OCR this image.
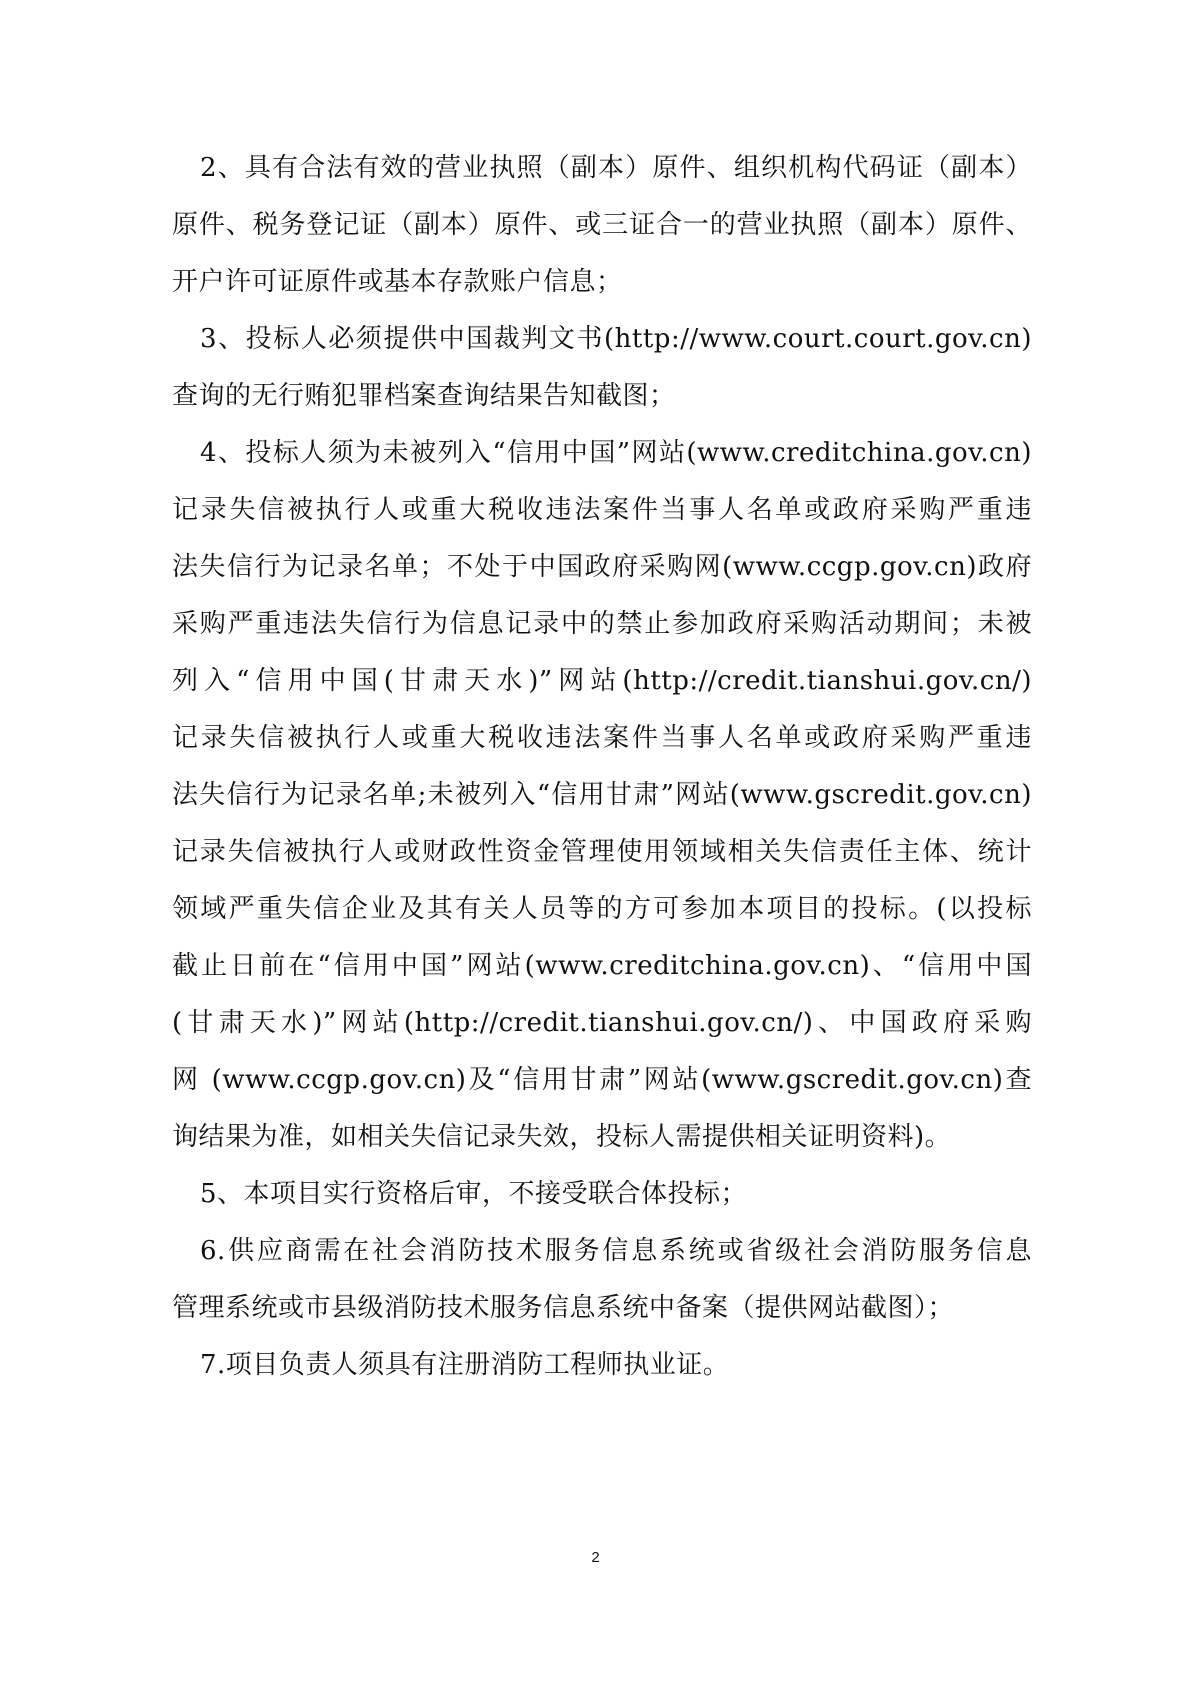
2、具有合法有效的营业执照（副本）原件、组织机构代码证（副本）
原件、税务登记证（副本）原件、或三证合一的营业执照（副本）原件、
开户许可证原件或基本存款账户信息；
3、投标人必须提供中国裁判文书(http://www.court.court.gov.cn)
查询的无行贿犯罪档案查询结果告知截图；
4、投标人须为未被列入“信用中国”网站(www.creditchina.gov.cn)
记录失信被执行人或重大税收违法案件当事人名单或政府采购严重违
法失信行为记录名单；不处于中国政府采购网(www.ccgp.gov.cn)政府
采购严重违法失信行为信息记录中的禁止参加政府采购活动期间；未被
列入“信用中国(甘肃天水)”网站(http://credit.tianshui.gov.cn/)
记录失信被执行人或重大税收违法案件当事人名单或政府采购严重违
法失信行为记录名单;未被列入“信用甘肃”网站(www.gscredit.gov.cn)
记录失信被执行人或财政性资金管理使用领域相关失信责任主体、统计
领域严重失信企业及其有关人员等的方可参加本项目的投标。(以投标
截止日前在“信用中国”网站(www.creditchina.gov.cn)、“信用中国
(甘肃天水)”网站(http://credit.tianshui.gov.cn/)、中国政府采购
网 (www.ccgp.gov.cn)及“信用甘肃”网站(www.gscredit.gov.cn)查
询结果为准，如相关失信记录失效，投标人需提供相关证明资料)。
5、本项目实行资格后审，不接受联合体投标；
6.供应商需在社会消防技术服务信息系统或省级社会消防服务信息
管理系统或市县级消防技术服务信息系统中备案（提供网站截图）；
7.项目负责人须具有注册消防工程师执业证。
2
